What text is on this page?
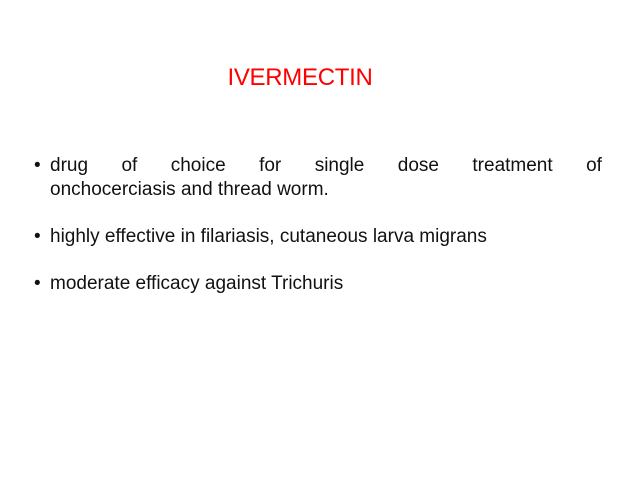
IVERMECTIN
• drug of choice for single dose treatment of
onchocerciasis and thread worm.
• highly effective in filariasis, cutaneous larva migrans
• moderate efficacy against Trichuris
